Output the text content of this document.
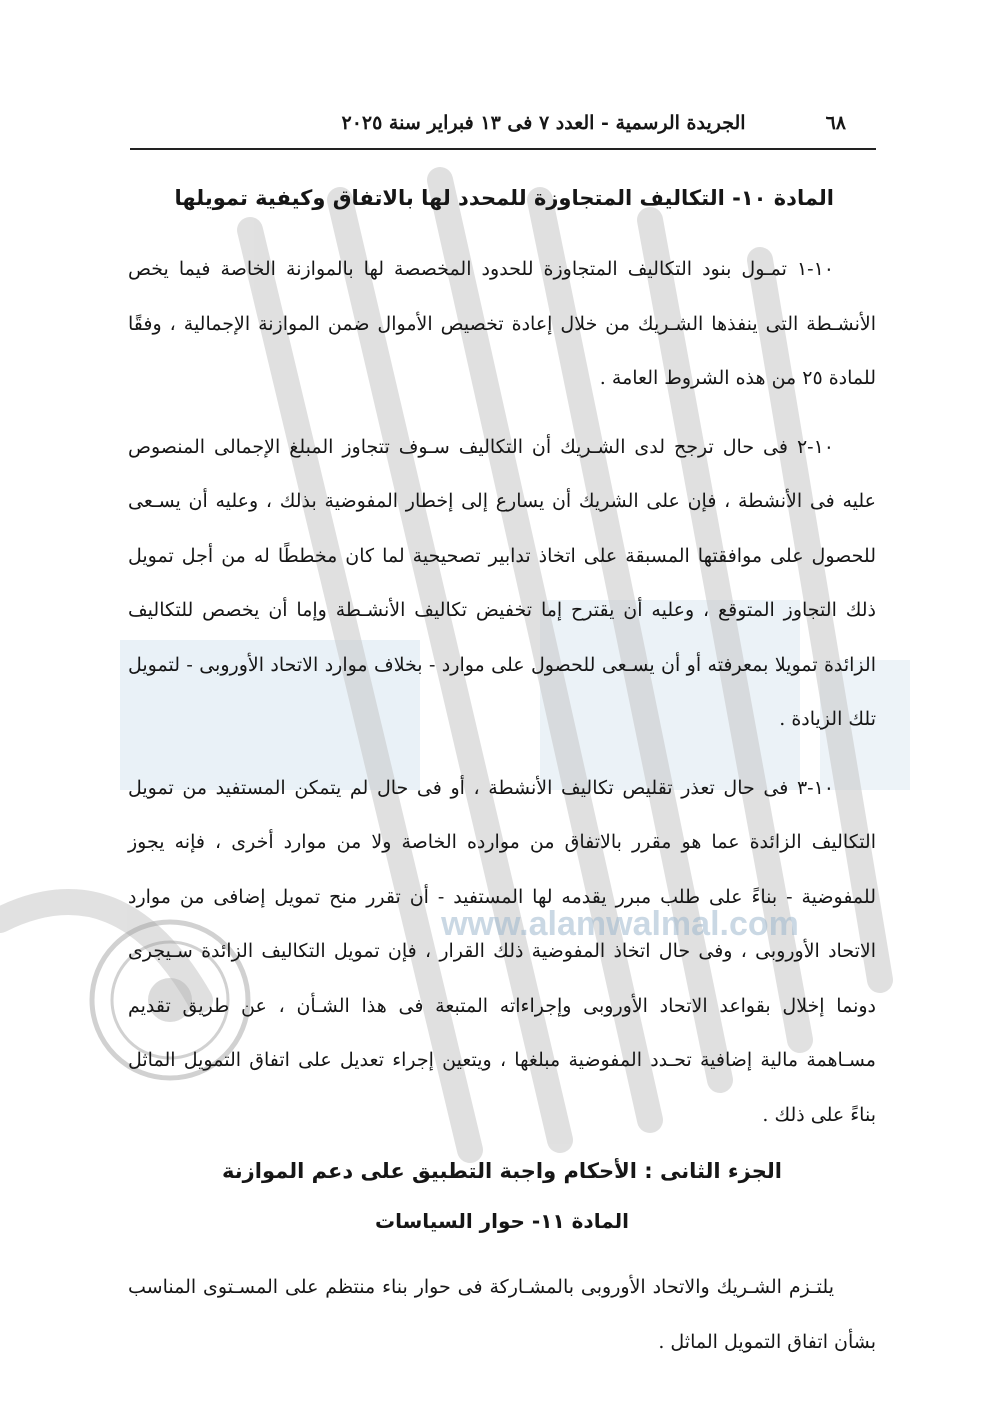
www.alamwalmal.com
٦٨
الجريدة الرسمية - العدد ٧ فى ١٣ فبراير سنة ٢٠٢٥
المادة ١٠- التكاليف المتجاوزة للمحدد لها بالاتفاق وكيفية تمويلها

١٠-١ تمـول بنود التكاليف المتجاوزة للحدود المخصصة لها بالموازنة الخاصة فيما يخص الأنشـطة التى ينفذها الشـريك من خلال إعادة تخصيص الأموال ضمن الموازنة الإجمالية ، وفقًا للمادة ٢٥ من هذه الشروط العامة .

١٠-٢ فى حال ترجح لدى الشـريك أن التكاليف سـوف تتجاوز المبلغ الإجمالى المنصوص عليه فى الأنشطة ، فإن على الشريك أن يسارع إلى إخطار المفوضية بذلك ، وعليه أن يسـعى للحصول على موافقتها المسبقة على اتخاذ تدابير تصحيحية لما كان مخططًا له من أجل تمويل ذلك التجاوز المتوقع ، وعليه أن يقترح إما تخفيض تكاليف الأنشـطة وإما أن يخصص للتكاليف الزائدة تمويلا بمعرفته أو أن يسـعى للحصول على موارد - بخلاف موارد الاتحاد الأوروبى - لتمويل تلك الزيادة .

١٠-٣ فى حال تعذر تقليص تكاليف الأنشطة ، أو فى حال لم يتمكن المستفيد من تمويل التكاليف الزائدة عما هو مقرر بالاتفاق من موارده الخاصة ولا من موارد أخرى ، فإنه يجوز للمفوضية - بناءً على طلب مبرر يقدمه لها المستفيد - أن تقرر منح تمويل إضافى من موارد الاتحاد الأوروبى ، وفى حال اتخاذ المفوضية ذلك القرار ، فإن تمويل التكاليف الزائدة سـيجرى دونما إخلال بقواعد الاتحاد الأوروبى وإجراءاته المتبعة فى هذا الشـأن ، عن طريق تقديم مسـاهمة مالية إضافية تحـدد المفوضية مبلغها ، ويتعين إجراء تعديل على اتفاق التمويل الماثل بناءً على ذلك .

الجزء الثانى : الأحكام واجبة التطبيق على دعم الموازنة
المادة ١١- حوار السياسات

يلتـزم الشـريك والاتحاد الأوروبى بالمشـاركة فى حوار بناء منتظم على المسـتوى المناسب بشأن اتفاق التمويل الماثل .
